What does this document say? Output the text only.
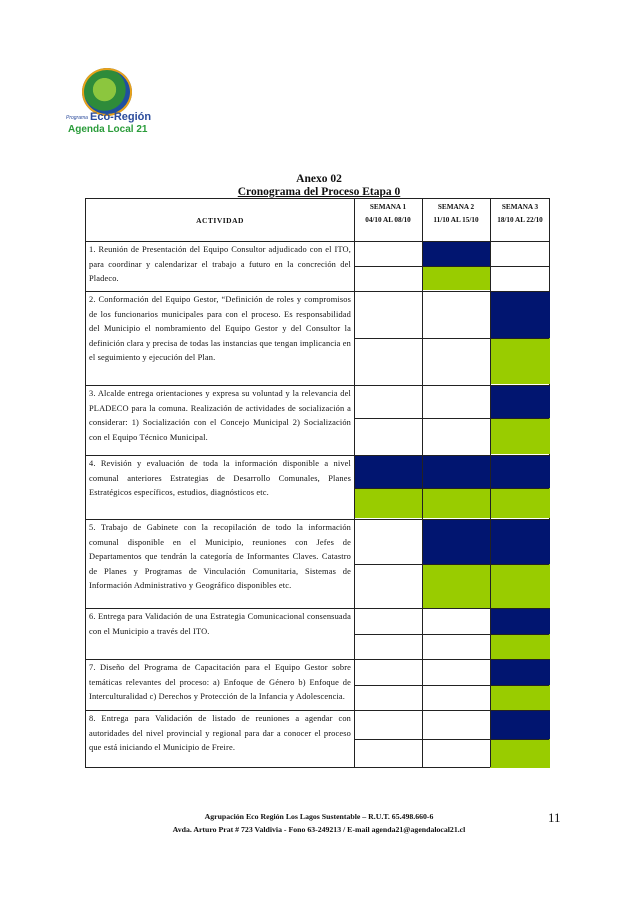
Programa Eco-Región
Agenda Local 21
Anexo 02
Cronograma del Proceso Etapa 0
ACTIVIDAD
SEMANA 1
04/10 AL 08/10
SEMANA 2
11/10 AL 15/10
SEMANA 3
18/10 AL 22/10
1. Reunión de Presentación del Equipo Consultor adjudicado con el ITO, para coordinar y calendarizar el trabajo a futuro en la concreción del Pladeco.
2. Conformación del Equipo Gestor, “Definición de roles y compromisos de los funcionarios municipales para con el proceso. Es responsabilidad del Municipio el nombramiento del Equipo Gestor y del Consultor la definición clara y precisa de todas las instancias que tengan implicancia en el seguimiento y ejecución del Plan.
3. Alcalde entrega orientaciones y expresa su voluntad y la relevancia del PLADECO para la comuna. Realización de actividades de socialización a considerar: 1) Socialización con el Concejo Municipal 2) Socialización con el Equipo Técnico Municipal.
4. Revisión y evaluación de toda la información disponible a nivel comunal anteriores Estrategias de Desarrollo Comunales, Planes Estratégicos específicos, estudios, diagnósticos etc.
5. Trabajo de Gabinete con la recopilación de todo la información comunal disponible en el Municipio, reuniones con Jefes de Departamentos que tendrán la categoría de Informantes Claves. Catastro de Planes y Programas de Vinculación Comunitaria, Sistemas de Información Administrativo y Geográfico disponibles etc.
6. Entrega para Validación de una Estrategia Comunicacional consensuada con el Municipio a través del ITO.
7. Diseño del Programa de Capacitación para el Equipo Gestor sobre temáticas relevantes del proceso: a) Enfoque de Género b) Enfoque de Interculturalidad c) Derechos y Protección de la Infancia y Adolescencia.
8. Entrega para Validación de listado de reuniones a agendar con autoridades del nivel provincial y regional para dar a conocer el proceso que está iniciando el Municipio de Freire.
Agrupación Eco Región Los Lagos Sustentable – R.U.T. 65.498.660-6
Avda. Arturo Prat # 723 Valdivia - Fono 63-249213 / E-mail agenda21@agendalocal21.cl
11
